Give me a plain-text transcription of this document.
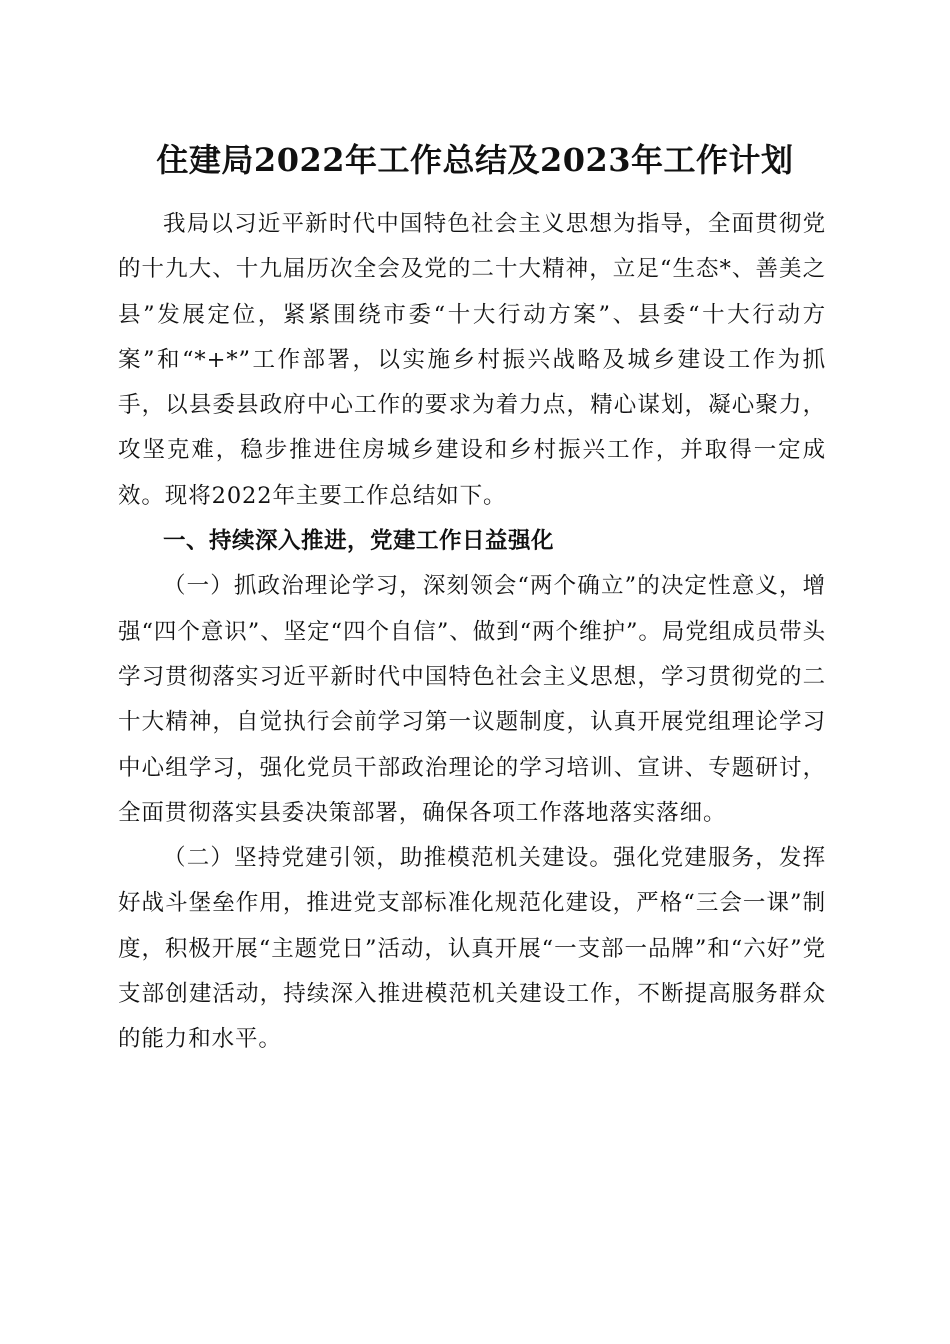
住建局2022年工作总结及2023年工作计划

我局以习近平新时代中国特色社会主义思想为指导，全面贯彻党的十九大、十九届历次全会及党的二十大精神，立足“生态*、善美之县”发展定位，紧紧围绕市委“十大行动方案”、县委“十大行动方案”和“*+*”工作部署，以实施乡村振兴战略及城乡建设工作为抓手，以县委县政府中心工作的要求为着力点，精心谋划，凝心聚力，攻坚克难，稳步推进住房城乡建设和乡村振兴工作，并取得一定成效。现将2022年主要工作总结如下。

一、持续深入推进，党建工作日益强化

（一）抓政治理论学习，深刻领会“两个确立”的决定性意义，增强“四个意识”、坚定“四个自信”、做到“两个维护”。局党组成员带头学习贯彻落实习近平新时代中国特色社会主义思想，学习贯彻党的二十大精神，自觉执行会前学习第一议题制度，认真开展党组理论学习中心组学习，强化党员干部政治理论的学习培训、宣讲、专题研讨，全面贯彻落实县委决策部署，确保各项工作落地落实落细。

（二）坚持党建引领，助推模范机关建设。强化党建服务，发挥好战斗堡垒作用，推进党支部标准化规范化建设，严格“三会一课”制度，积极开展“主题党日”活动，认真开展“一支部一品牌”和“六好”党支部创建活动，持续深入推进模范机关建设工作，不断提高服务群众的能力和水平。
